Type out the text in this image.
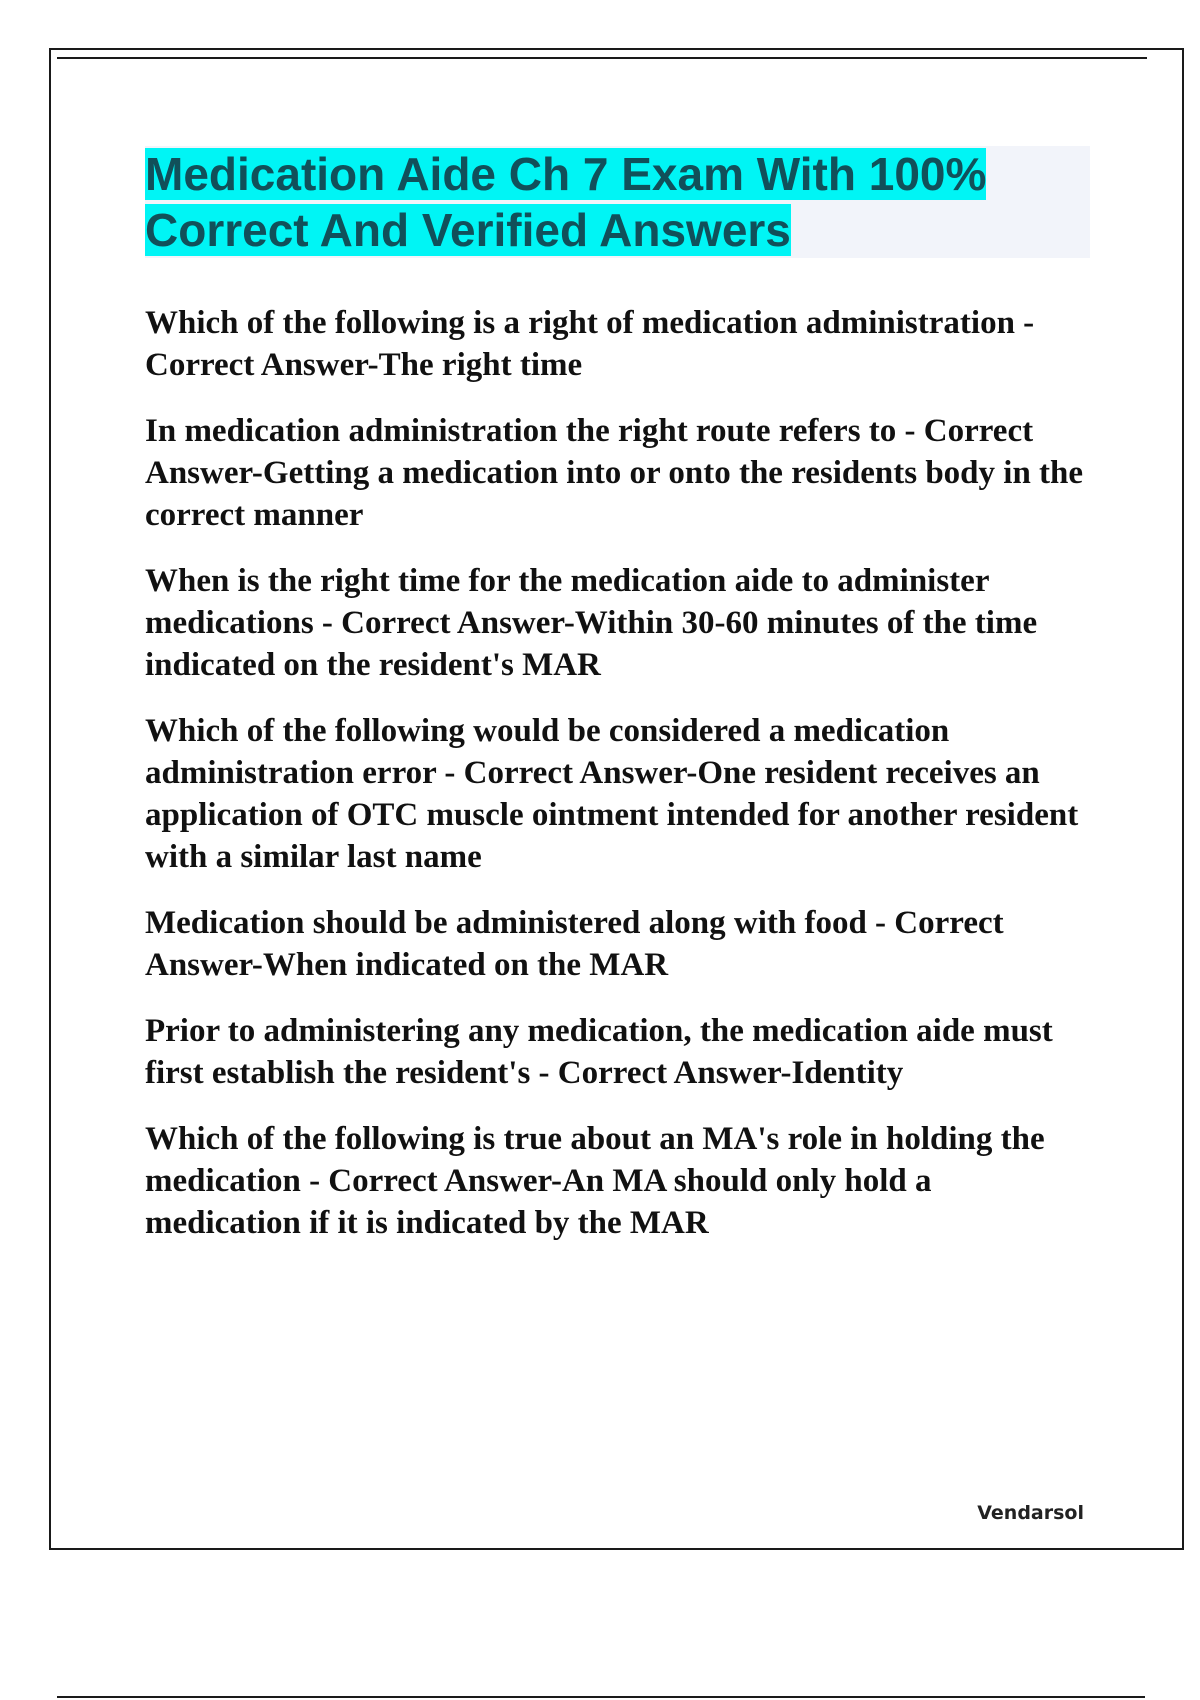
Medication Aide Ch 7 Exam With 100% Correct And Verified Answers

Which of the following is a right of medication administration - Correct Answer-The right time

In medication administration the right route refers to - Correct Answer-Getting a medication into or onto the residents body in the correct manner

When is the right time for the medication aide to administer medications - Correct Answer-Within 30-60 minutes of the time indicated on the resident's MAR

Which of the following would be considered a medication administration error - Correct Answer-One resident receives an application of OTC muscle ointment intended for another resident with a similar last name

Medication should be administered along with food - Correct Answer-When indicated on the MAR

Prior to administering any medication, the medication aide must first establish the resident's - Correct Answer-Identity

Which of the following is true about an MA's role in holding the medication - Correct Answer-An MA should only hold a medication if it is indicated by the MAR

Vendarsol
